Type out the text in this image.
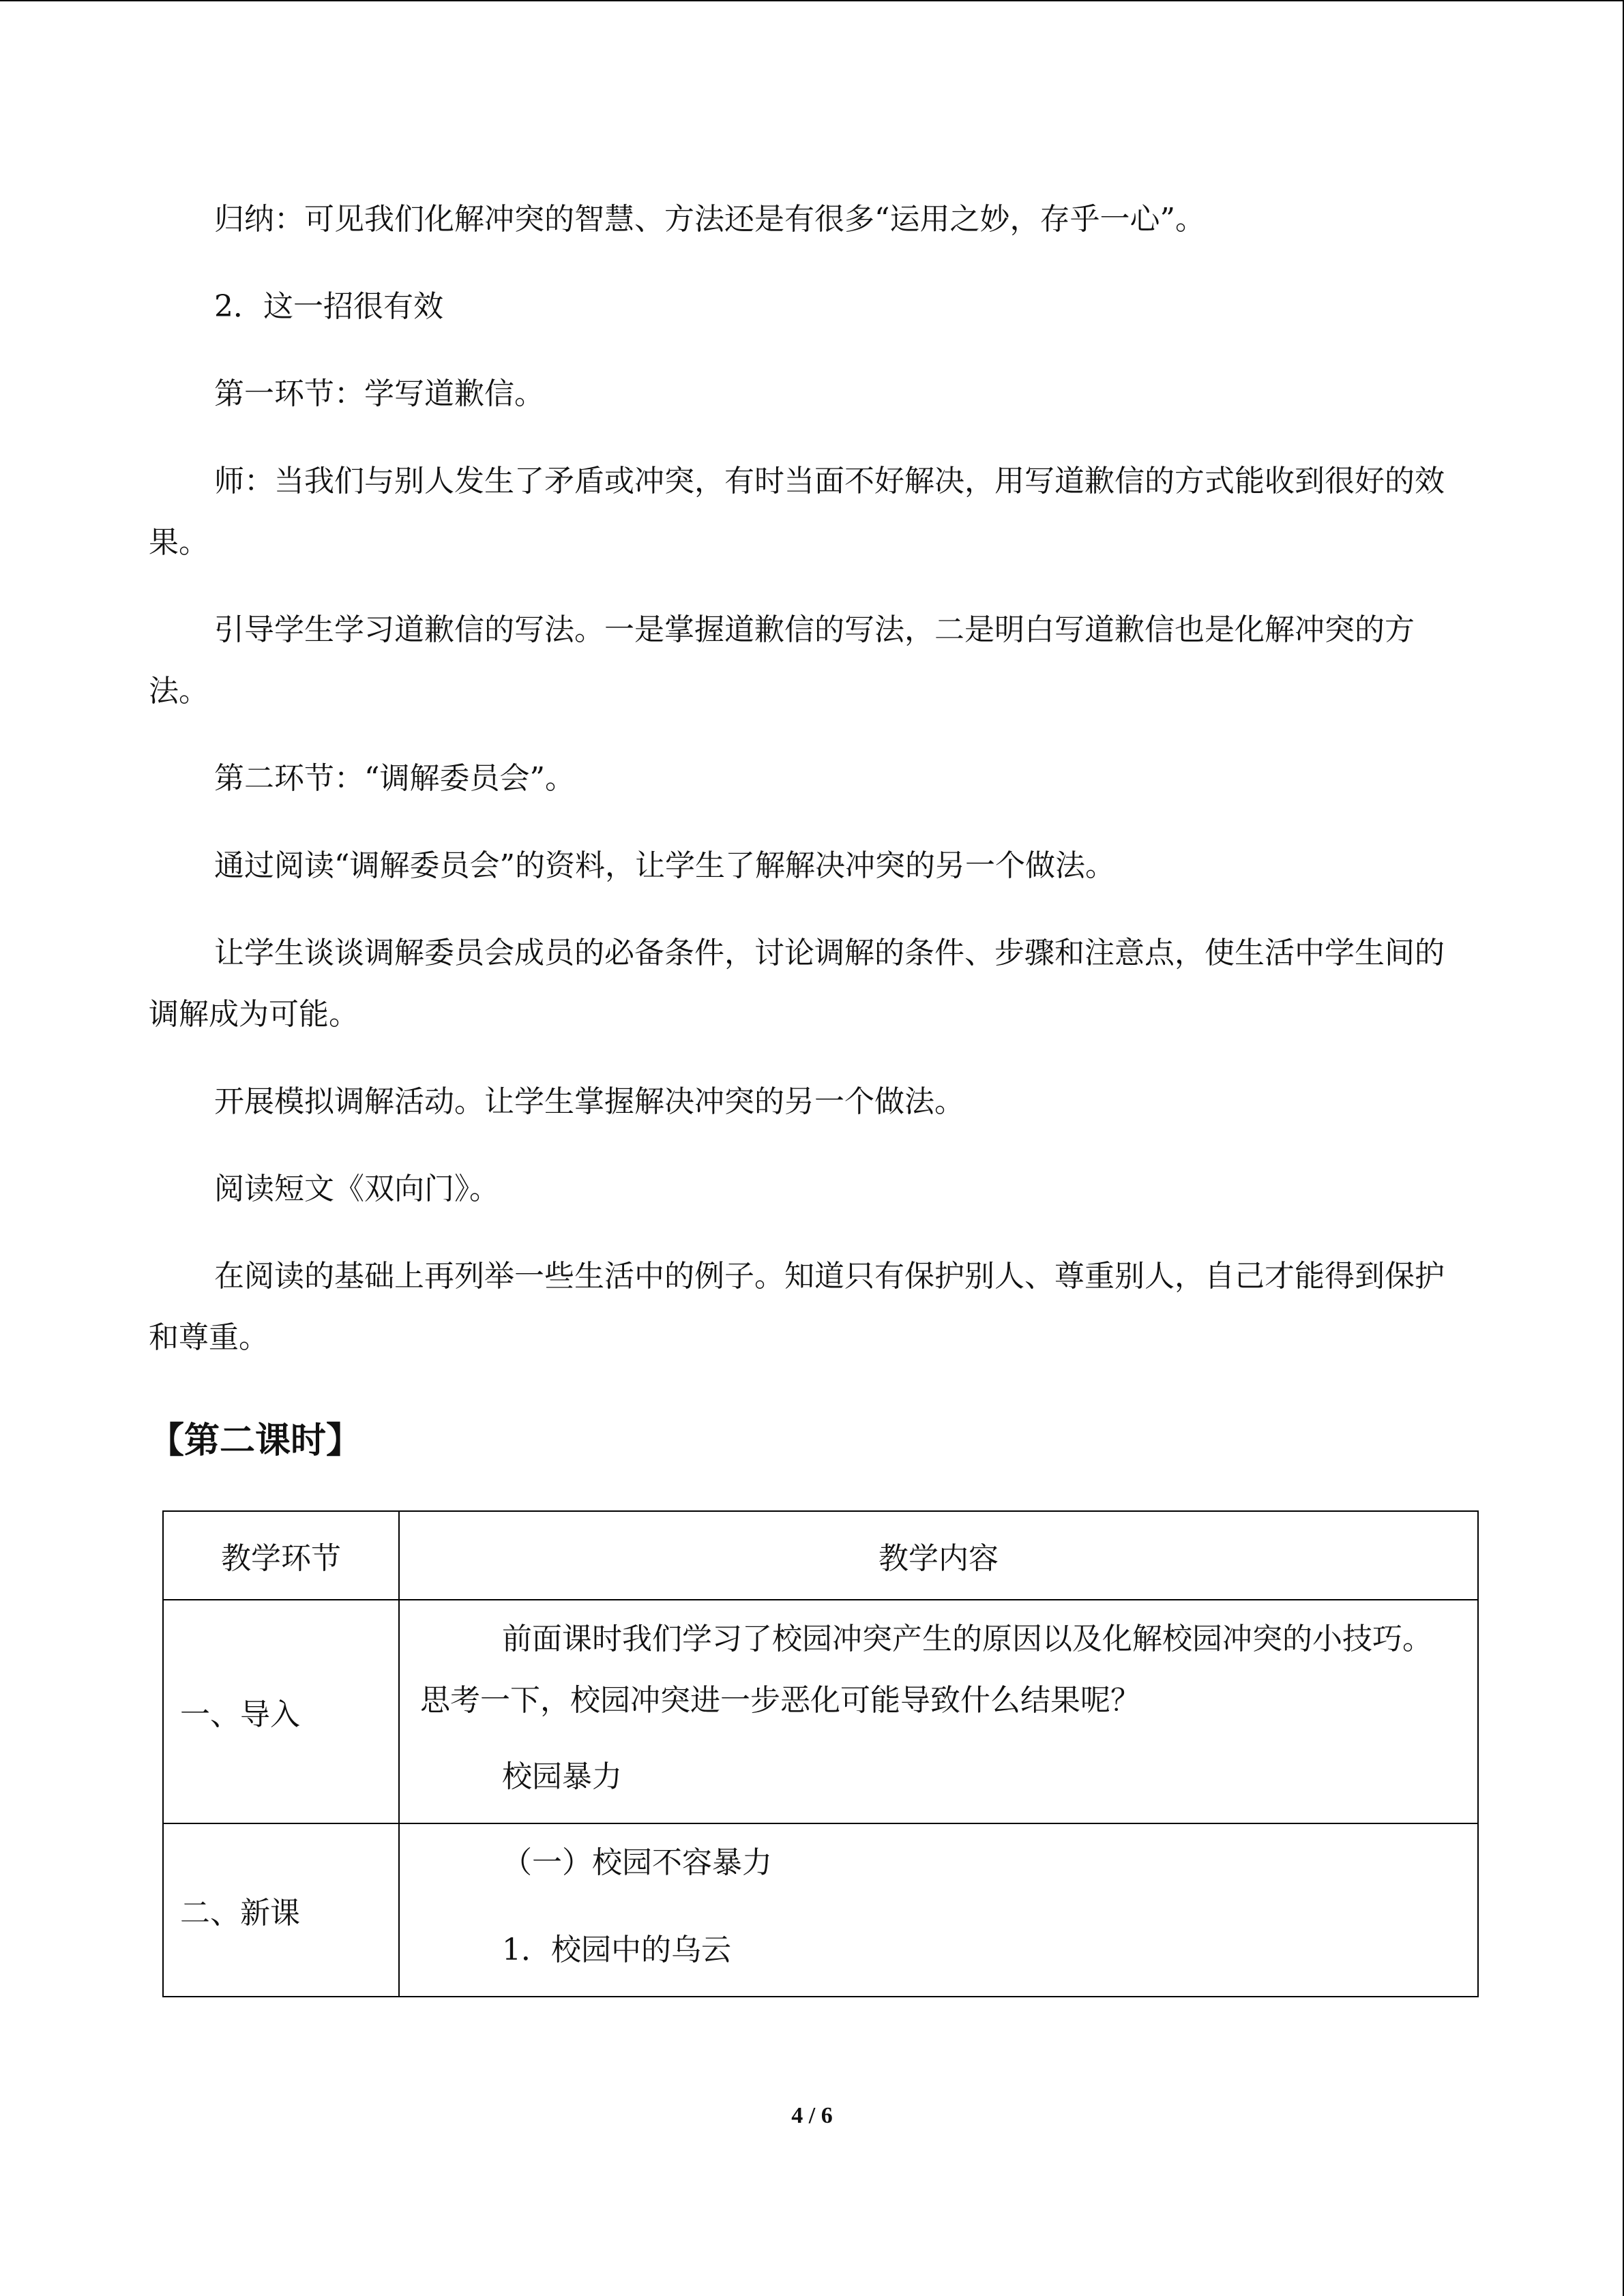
归纳：可见我们化解冲突的智慧、方法还是有很多“运用之妙，存乎一心”。

2．这一招很有效

第一环节：学写道歉信。

师：当我们与别人发生了矛盾或冲突，有时当面不好解决，用写道歉信的方式能收到很好的效果。

引导学生学习道歉信的写法。一是掌握道歉信的写法，二是明白写道歉信也是化解冲突的方法。

第二环节：“调解委员会”。

通过阅读“调解委员会”的资料，让学生了解解决冲突的另一个做法。

让学生谈谈调解委员会成员的必备条件，讨论调解的条件、步骤和注意点，使生活中学生间的调解成为可能。

开展模拟调解活动。让学生掌握解决冲突的另一个做法。

阅读短文《双向门》。

在阅读的基础上再列举一些生活中的例子。知道只有保护别人、尊重别人，自己才能得到保护和尊重。

【第二课时】
教学环节	教学内容

一、导入	前面课时我们学习了校园冲突产生的原因以及化解校园冲突的小技巧。思考一下，校园冲突进一步恶化可能导致什么结果呢？

校园暴力

二、新课	（一）校园不容暴力

1．校园中的乌云

4 / 6
